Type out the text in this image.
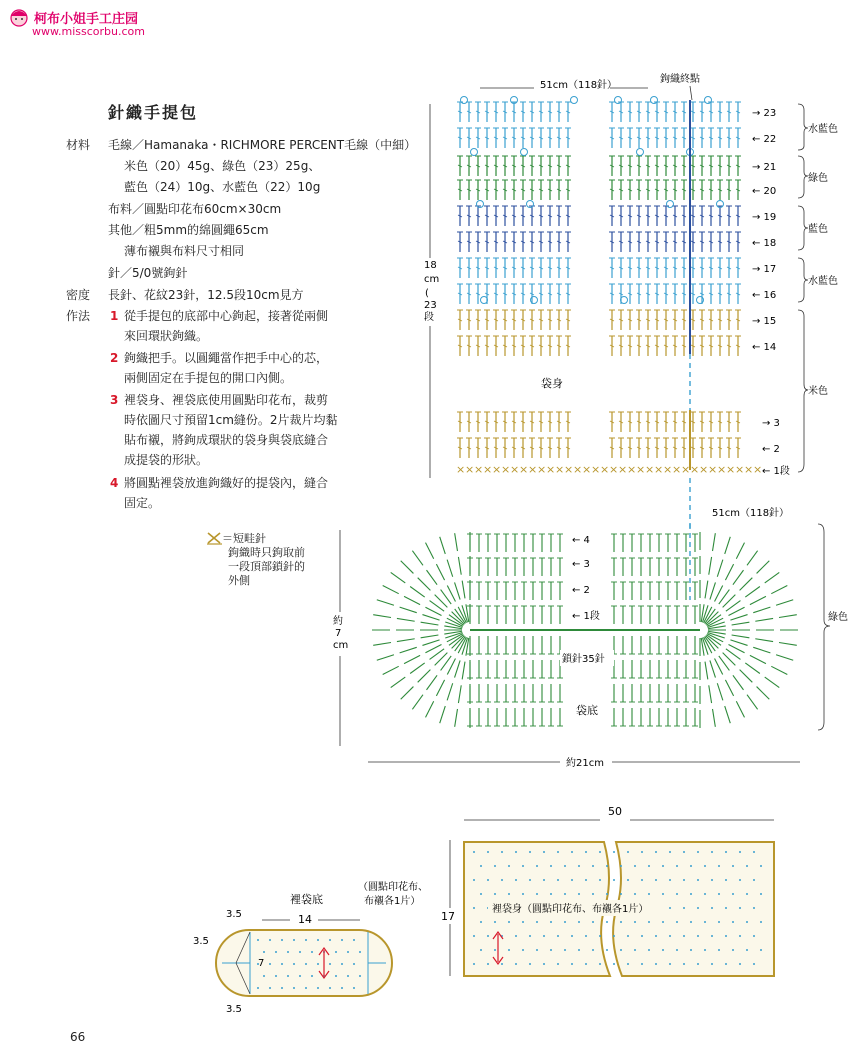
柯布小姐手工庄园
www.misscorbu.com
針織手提包
材料 毛線／Hamanaka・RICHMORE PERCENT毛線（中細）
米色（20）45g、綠色（23）25g、
藍色（24）10g、水藍色（22）10g
布料／圓點印花布60cm×30cm
其他／粗5mm的綿圓繩65cm
薄布襯與布料尺寸相同
針／5/0號鉤針
密度 長針、花紋23針，12.5段10cm見方
作法 1 從手提包的底部中心鉤起，接著從兩側
來回環狀鉤織。
2 鉤織把手。以圓繩當作把手中心的芯，
兩側固定在手提包的開口內側。
3 裡袋身、裡袋底使用圓點印花布，裁剪
時依圖尺寸預留1cm縫份。2片裁片均黏
貼布襯，將鉤成環狀的袋身與袋底縫合
成提袋的形狀。
4 將圓點裡袋放進鉤織好的提袋內，縫合
固定。
＝短畦針
鉤織時只鉤取前
一段頂部鎖針的
外側
× × × × × × × × × × × × × × × × × × × × × × × × × × × × × × × × × ×
51cm（118針）
鉤織終點
18
cm
(
23
段
袋身
→ 23
← 22
→ 21
← 20
→ 19
← 18
→ 17
← 16
→ 15
← 14
→ 3
← 2
← 1段
水藍色
綠色
藍色
水藍色
米色
51cm（118針）
約
7
cm
← 4
← 3
← 2
← 1段
鎖針35針
袋底
綠色
約21cm
裡袋底
（圓點印花布、
布襯各1片）
14
3.5
3.5
3.5
7
50
17
裡袋身（圓點印花布、布襯各1片）
66
